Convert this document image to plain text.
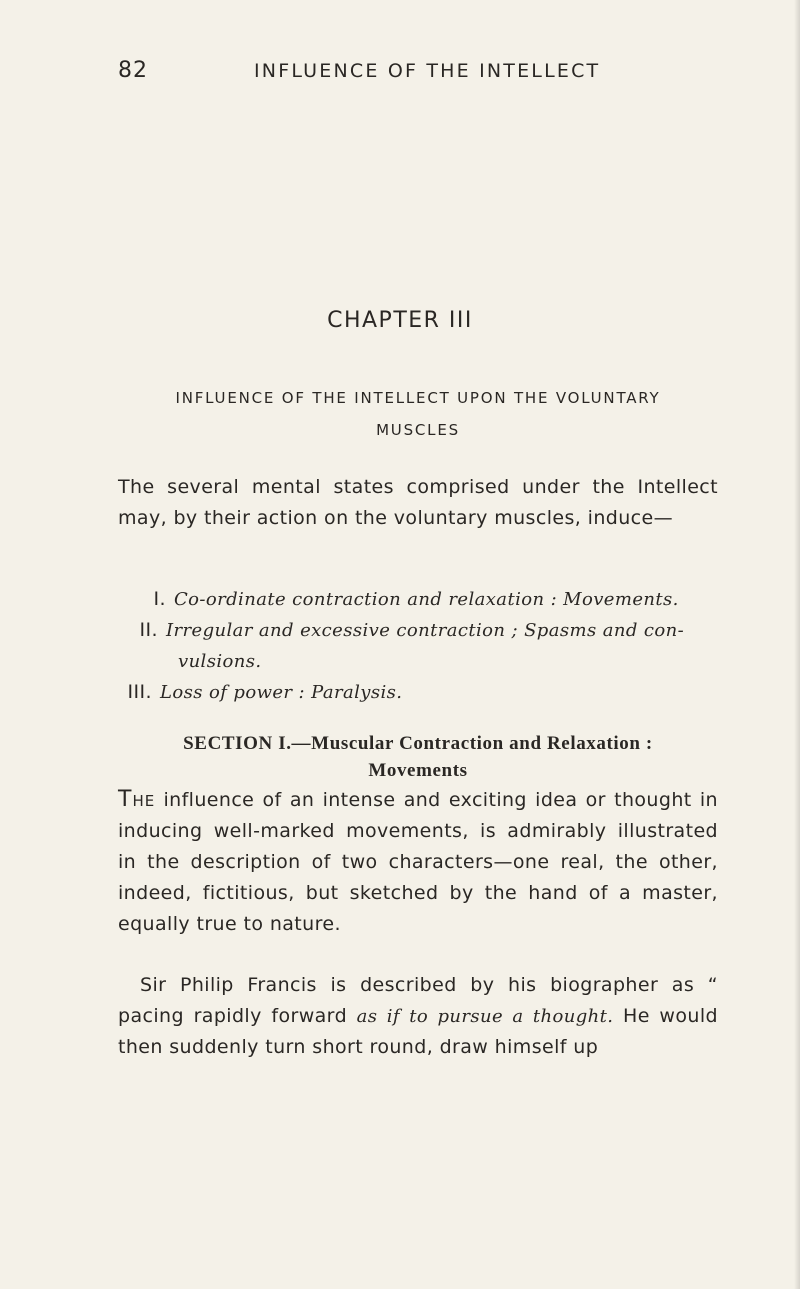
82	INFLUENCE OF THE INTELLECT
CHAPTER III
INFLUENCE OF THE INTELLECT UPON THE VOLUNTARY
MUSCLES

The several mental states comprised under the Intellect may, by their action on the voluntary muscles, induce—

I. Co-ordinate contraction and relaxation : Movements.
II. Irregular and excessive contraction ; Spasms and con-
vulsions.
III. Loss of power : Paralysis.
SECTION I.—Muscular Contraction and Relaxation :
Movements

The influence of an intense and exciting idea or thought in inducing well-marked movements, is admirably illustrated in the description of two characters—one real, the other, indeed, fictitious, but sketched by the hand of a master, equally true to nature.

Sir Philip Francis is described by his biographer as “ pacing rapidly forward as if to pursue a thought. He would then suddenly turn short round, draw himself up
